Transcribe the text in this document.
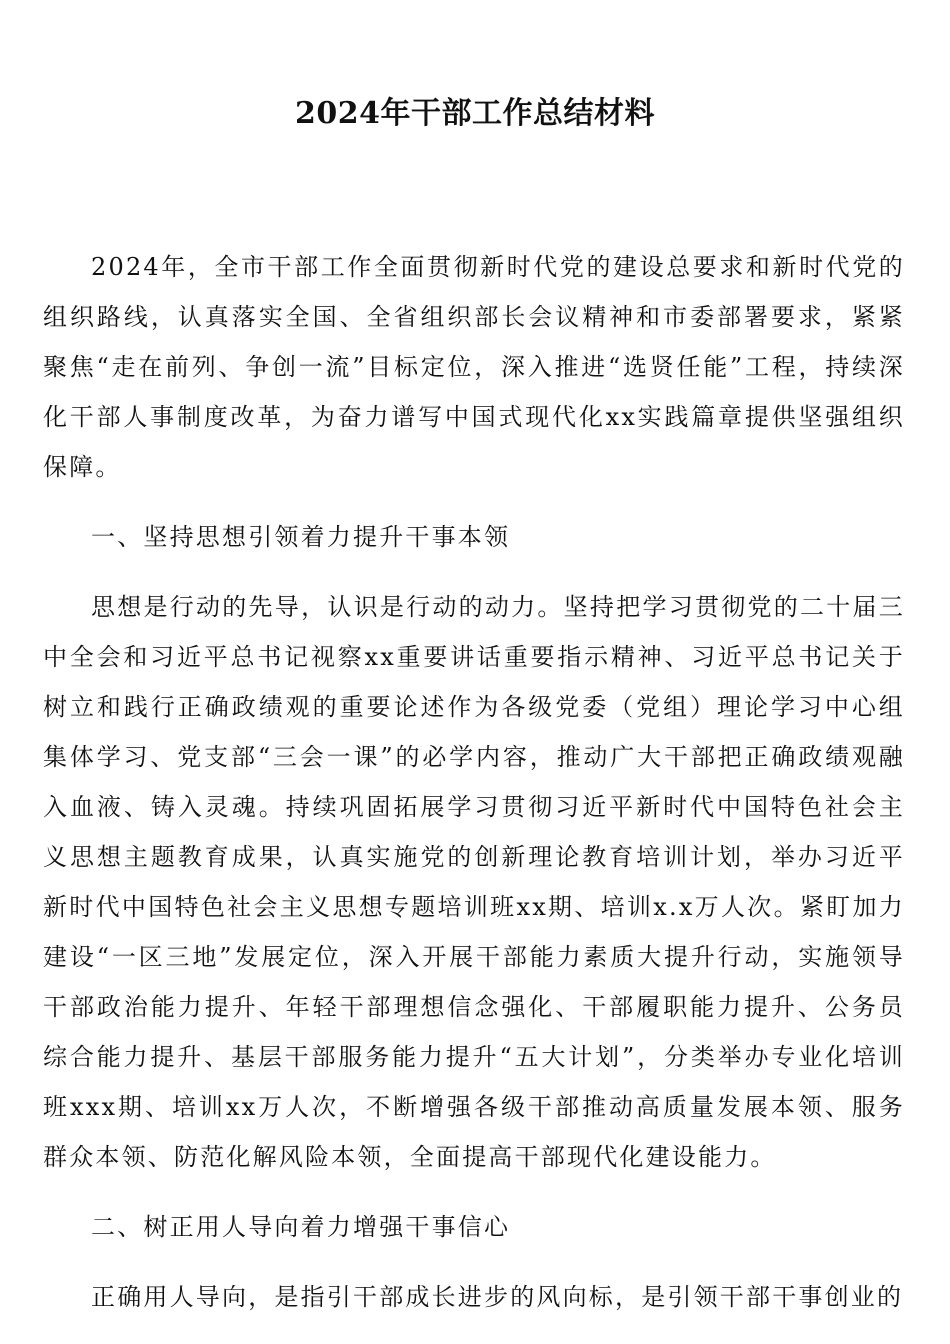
2024年干部工作总结材料

2024年，全市干部工作全面贯彻新时代党的建设总要求和新时代党的组织路线，认真落实全国、全省组织部长会议精神和市委部署要求，紧紧聚焦“走在前列、争创一流”目标定位，深入推进“选贤任能”工程，持续深化干部人事制度改革，为奋力谱写中国式现代化xx实践篇章提供坚强组织保障。

一、坚持思想引领着力提升干事本领

思想是行动的先导，认识是行动的动力。坚持把学习贯彻党的二十届三中全会和习近平总书记视察xx重要讲话重要指示精神、习近平总书记关于树立和践行正确政绩观的重要论述作为各级党委（党组）理论学习中心组集体学习、党支部“三会一课”的必学内容，推动广大干部把正确政绩观融入血液、铸入灵魂。持续巩固拓展学习贯彻习近平新时代中国特色社会主义思想主题教育成果，认真实施党的创新理论教育培训计划，举办习近平新时代中国特色社会主义思想专题培训班xx期、培训x.x万人次。紧盯加力建设“一区三地”发展定位，深入开展干部能力素质大提升行动，实施领导干部政治能力提升、年轻干部理想信念强化、干部履职能力提升、公务员综合能力提升、基层干部服务能力提升“五大计划”，分类举办专业化培训班xxx期、培训xx万人次，不断增强各级干部推动高质量发展本领、服务群众本领、防范化解风险本领，全面提高干部现代化建设能力。

二、树正用人导向着力增强干事信心

正确用人导向，是指引干部成长进步的风向标，是引领干部干事创业的
